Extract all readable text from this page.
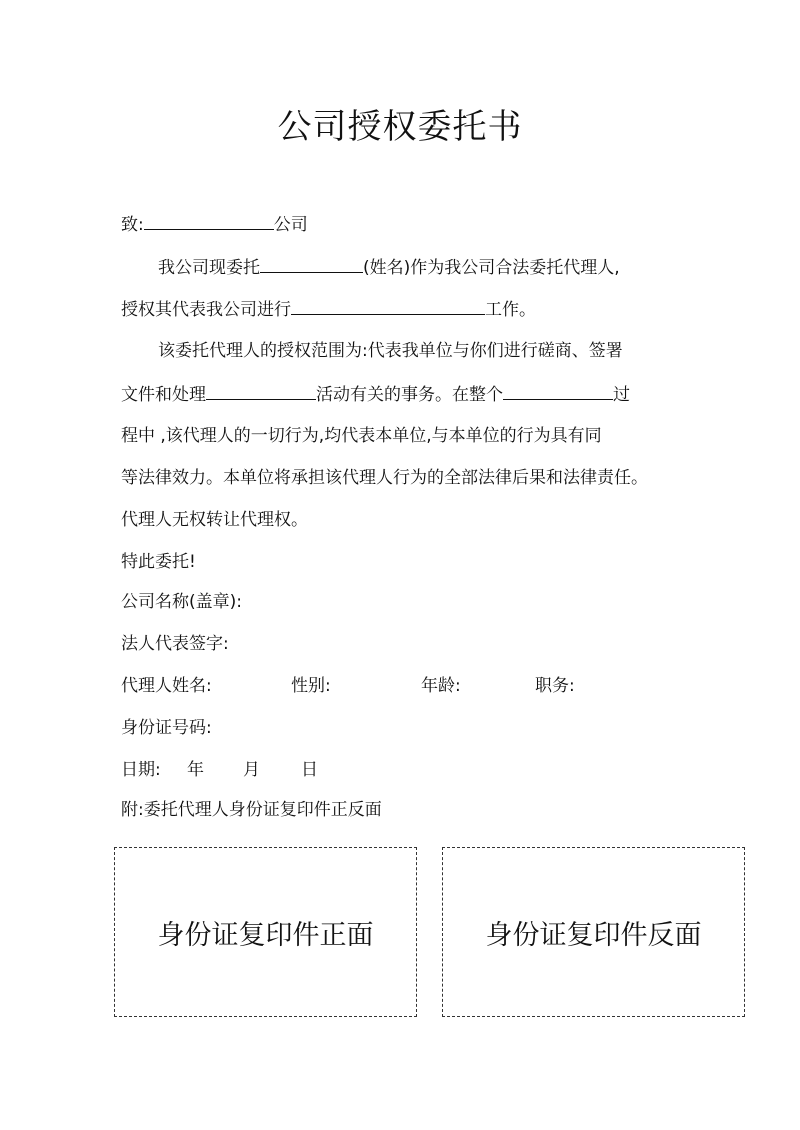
公司授权委托书
致:	公司
我公司现委托	(姓名)作为我公司合法委托代理人,
授权其代表我公司进行	工作。
该委托代理人的授权范围为:代表我单位与你们进行磋商、签署
文件和处理	活动有关的事务。在整个	过
程中 ,该代理人的一切行为,均代表本单位,与本单位的行为具有同
等法律效力。本单位将承担该代理人行为的全部法律后果和法律责任。
代理人无权转让代理权。
特此委托!
公司名称(盖章):
法人代表签字:
代理人姓名:	性别:	年龄:	职务:
身份证号码:
日期: 年 月 日
附:委托代理人身份证复印件正反面
身份证复印件正面	身份证复印件反面
